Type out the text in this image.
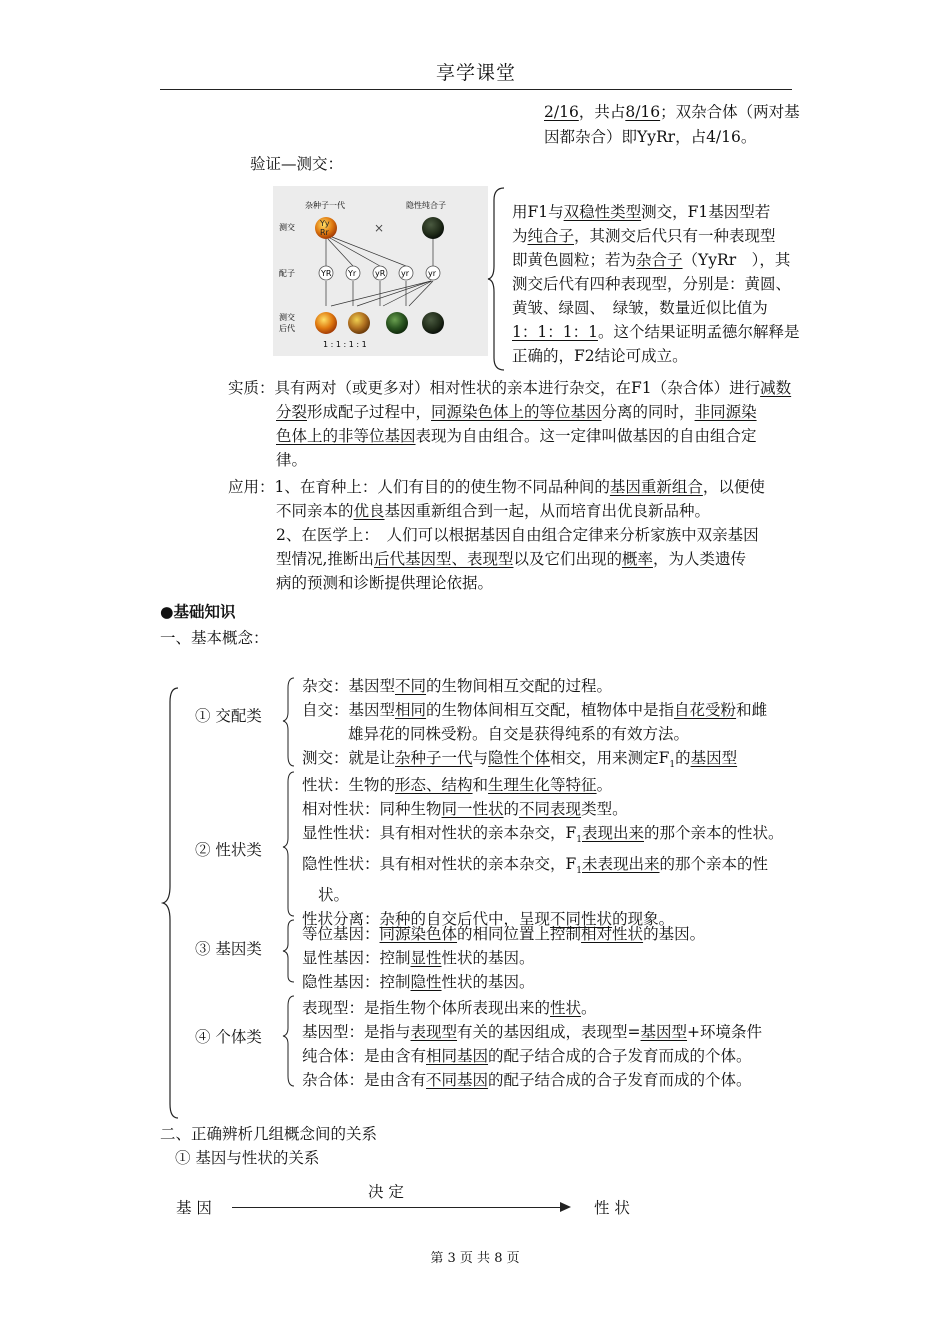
享学课堂
2/16，共占8/16；双杂合体（两对基
因都杂合）即YyRr，占4/16。
验证—测交：
杂种子一代	隐性纯合子
测交
配子
测交
后代
Yy
Rr	×
YR Yr yR yr yr
1 : 1 : 1 : 1
用F1与双稳性类型测交，F1基因型若
为纯合子，其测交后代只有一种表现型
即黄色圆粒；若为杂合子（YyRr　），其
测交后代有四种表现型，分别是：黄圆、
黄皱、绿圆、　绿皱，数量近似比值为
1：1：1：1。这个结果证明孟德尔解释是
正确的，F2结论可成立。
实质：具有两对（或更多对）相对性状的亲本进行杂交，在F1（杂合体）进行减数
分裂形成配子过程中，同源染色体上的等位基因分离的同时，非同源染
色体上的非等位基因表现为自由组合。这一定律叫做基因的自由组合定
律。
应用：1、在育种上：人们有目的的使生物不同品种间的基因重新组合，以便使
不同亲本的优良基因重新组合到一起，从而培育出优良新品种。
2、在医学上：　人们可以根据基因自由组合定律来分析家族中双亲基因
型情况,推断出后代基因型、表现型以及它们出现的概率，为人类遗传
病的预测和诊断提供理论依据。
●基础知识
一、基本概念：
① 交配类
② 性状类
③ 基因类
④ 个体类
杂交：基因型不同的生物间相互交配的过程。
自交：基因型相同的生物体间相互交配，植物体中是指自花受粉和雌
雄异花的同株受粉。自交是获得纯系的有效方法。
测交：就是让杂种子一代与隐性个体相交，用来测定$F_1$的基因型
性状：生物的形态、结构和生理生化等特征。
相对性状：同种生物同一性状的不同表现类型。
显性性状：具有相对性状的亲本杂交，$F_1$表现出来的那个亲本的性状。
隐性性状：具有相对性状的亲本杂交，$F_1$未表现出来的那个亲本的性
状。
性状分离：杂种的自交后代中，呈现不同性状的现象。
等位基因：同源染色体的相同位置上控制相对性状的基因。
显性基因：控制显性性状的基因。
隐性基因：控制隐性性状的基因。
表现型：是指生物个体所表现出来的性状。
基因型：是指与表现型有关的基因组成，表现型=基因型+环境条件
纯合体：是由含有相同基因的配子结合成的合子发育而成的个体。
杂合体：是由含有不同基因的配子结合成的合子发育而成的个体。
二、正确辨析几组概念间的关系
① 基因与性状的关系
基 因
决 定
性 状
第 3 页 共 8 页
